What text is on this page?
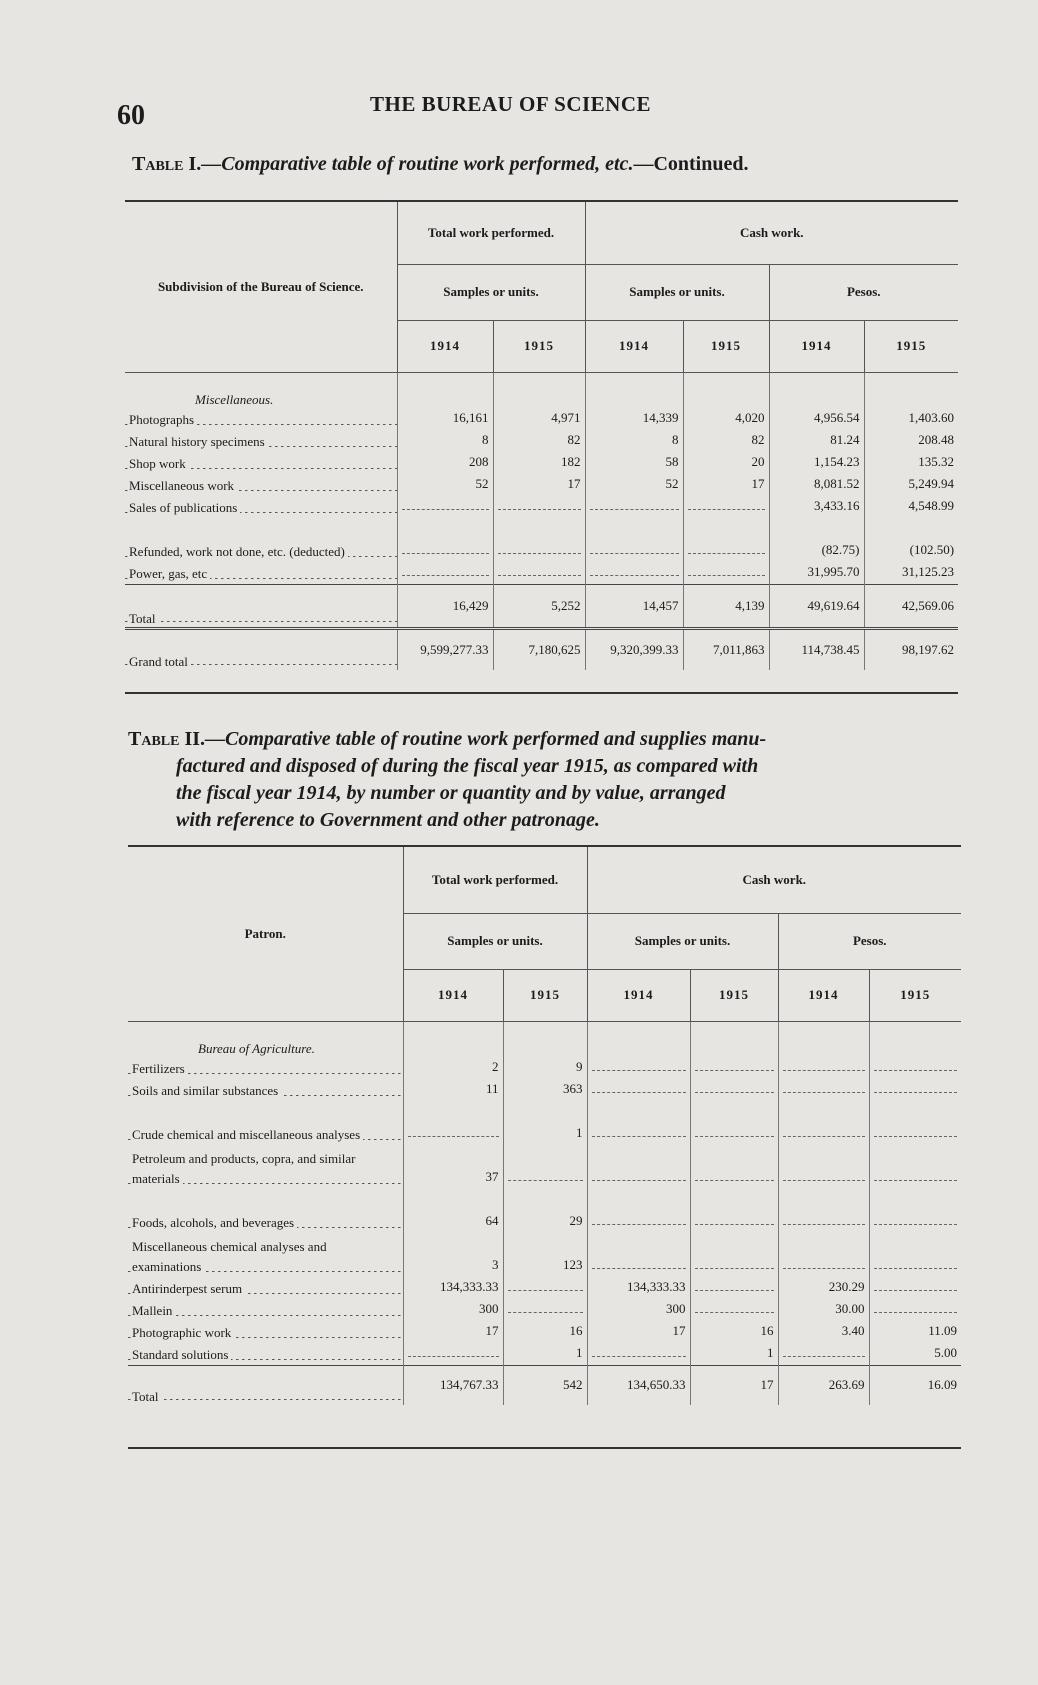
60	THE BUREAU OF SCIENCE
Table I.—Comparative table of routine work performed, etc.—Continued.
Subdivision of the Bureau of Science.	Total work performed.		Cash work.			
	Samples or units.		Samples or units.		Pesos.	
	1914	1915	1914	1915	1914	1915
Miscellaneous.						
Photographs	16,161	4,971	14,339	4,020	4,956.54	1,403.60
Natural history specimens	8	82	8	82	81.24	208.48
Shop work	208	182	58	20	1,154.23	135.32
Miscellaneous work	52	17	52	17	8,081.52	5,249.94
Sales of publications					3,433.16	4,548.99
Refunded, work not done, etc. (deducted)					(82.75)	(102.50)
Power, gas, etc					31,995.70	31,125.23
Total	16,429	5,252	14,457	4,139	49,619.64	42,569.06
Grand total	9,599,277.33	7,180,625	9,320,399.33	7,011,863	114,738.45	98,197.62
Table II.—Comparative table of routine work performed and supplies manu-
factured and disposed of during the fiscal year 1915, as compared with
the fiscal year 1914, by number or quantity and by value, arranged
with reference to Government and other patronage.
Patron.	Total work performed.		Cash work.			
	Samples or units.		Samples or units.		Pesos.	
	1914	1915	1914	1915	1914	1915
Bureau of Agriculture.						
Fertilizers	2	9	

Soils and similar substances	11	363	

Crude chemical and miscellaneous analyses		1	

Petroleum and products, copra, and similar materials	37	

Foods, alcohols, and beverages	64	29	

Miscellaneous chemical analyses and examinations	3	123	

Antirinderpest serum	134,333.33		134,333.33		230.29	

Mallein	300		300		30.00	

Photographic work	17	16	17	16	3.40	11.09
Standard solutions		1		1		5.00
Total	134,767.33	542	134,650.33	17	263.69	16.09
